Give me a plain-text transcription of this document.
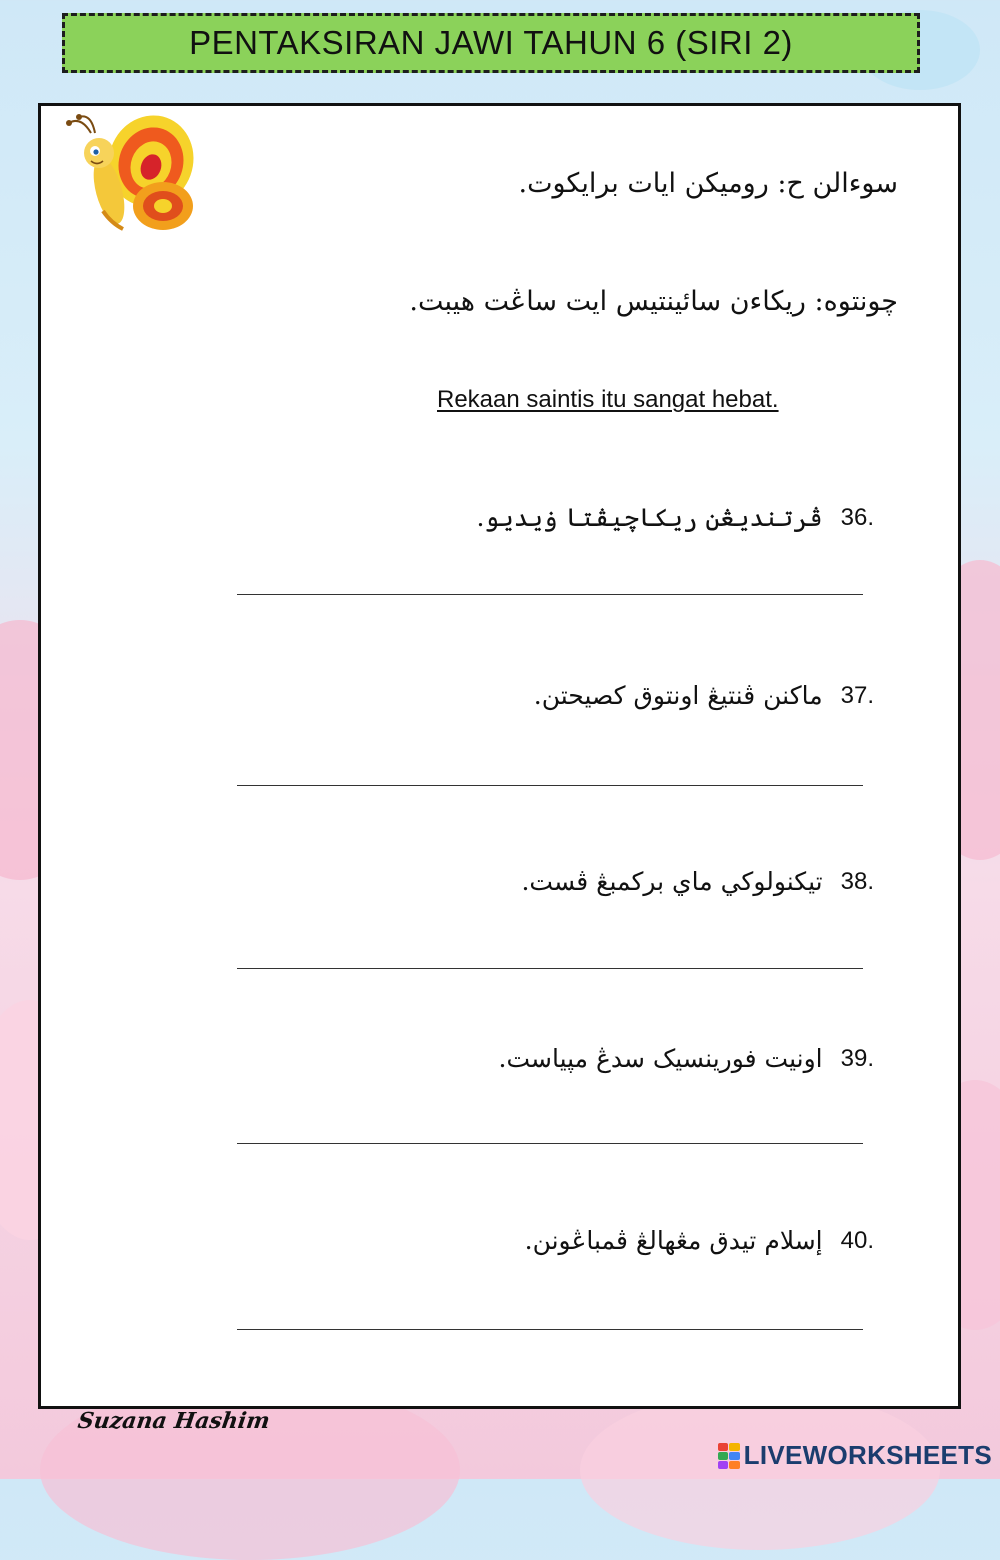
PENTAKSIRAN JAWI TAHUN 6 (SIRI 2)
سوءالن ح: روميكن ايات برايكوت.
چونتوه: ريكاءن سائينتيس ايت ساڠت هيبت.
Rekaan saintis itu sangat hebat.
36.
ڤرتنديڠن ريكاچيڤتا ۏيديو.
37.
ماکنن ڤنتيڠ اونتوق کصيحتن.
38.
تيکنولوکي ماي برکمبڠ ڤست.
39.
اونيت فورينسيک سدڠ مپياست.
40.
إسلام تيدق مڠهالڠ ڤمباڠونن.
Suzana Hashim
LIVEWORKSHEETS
